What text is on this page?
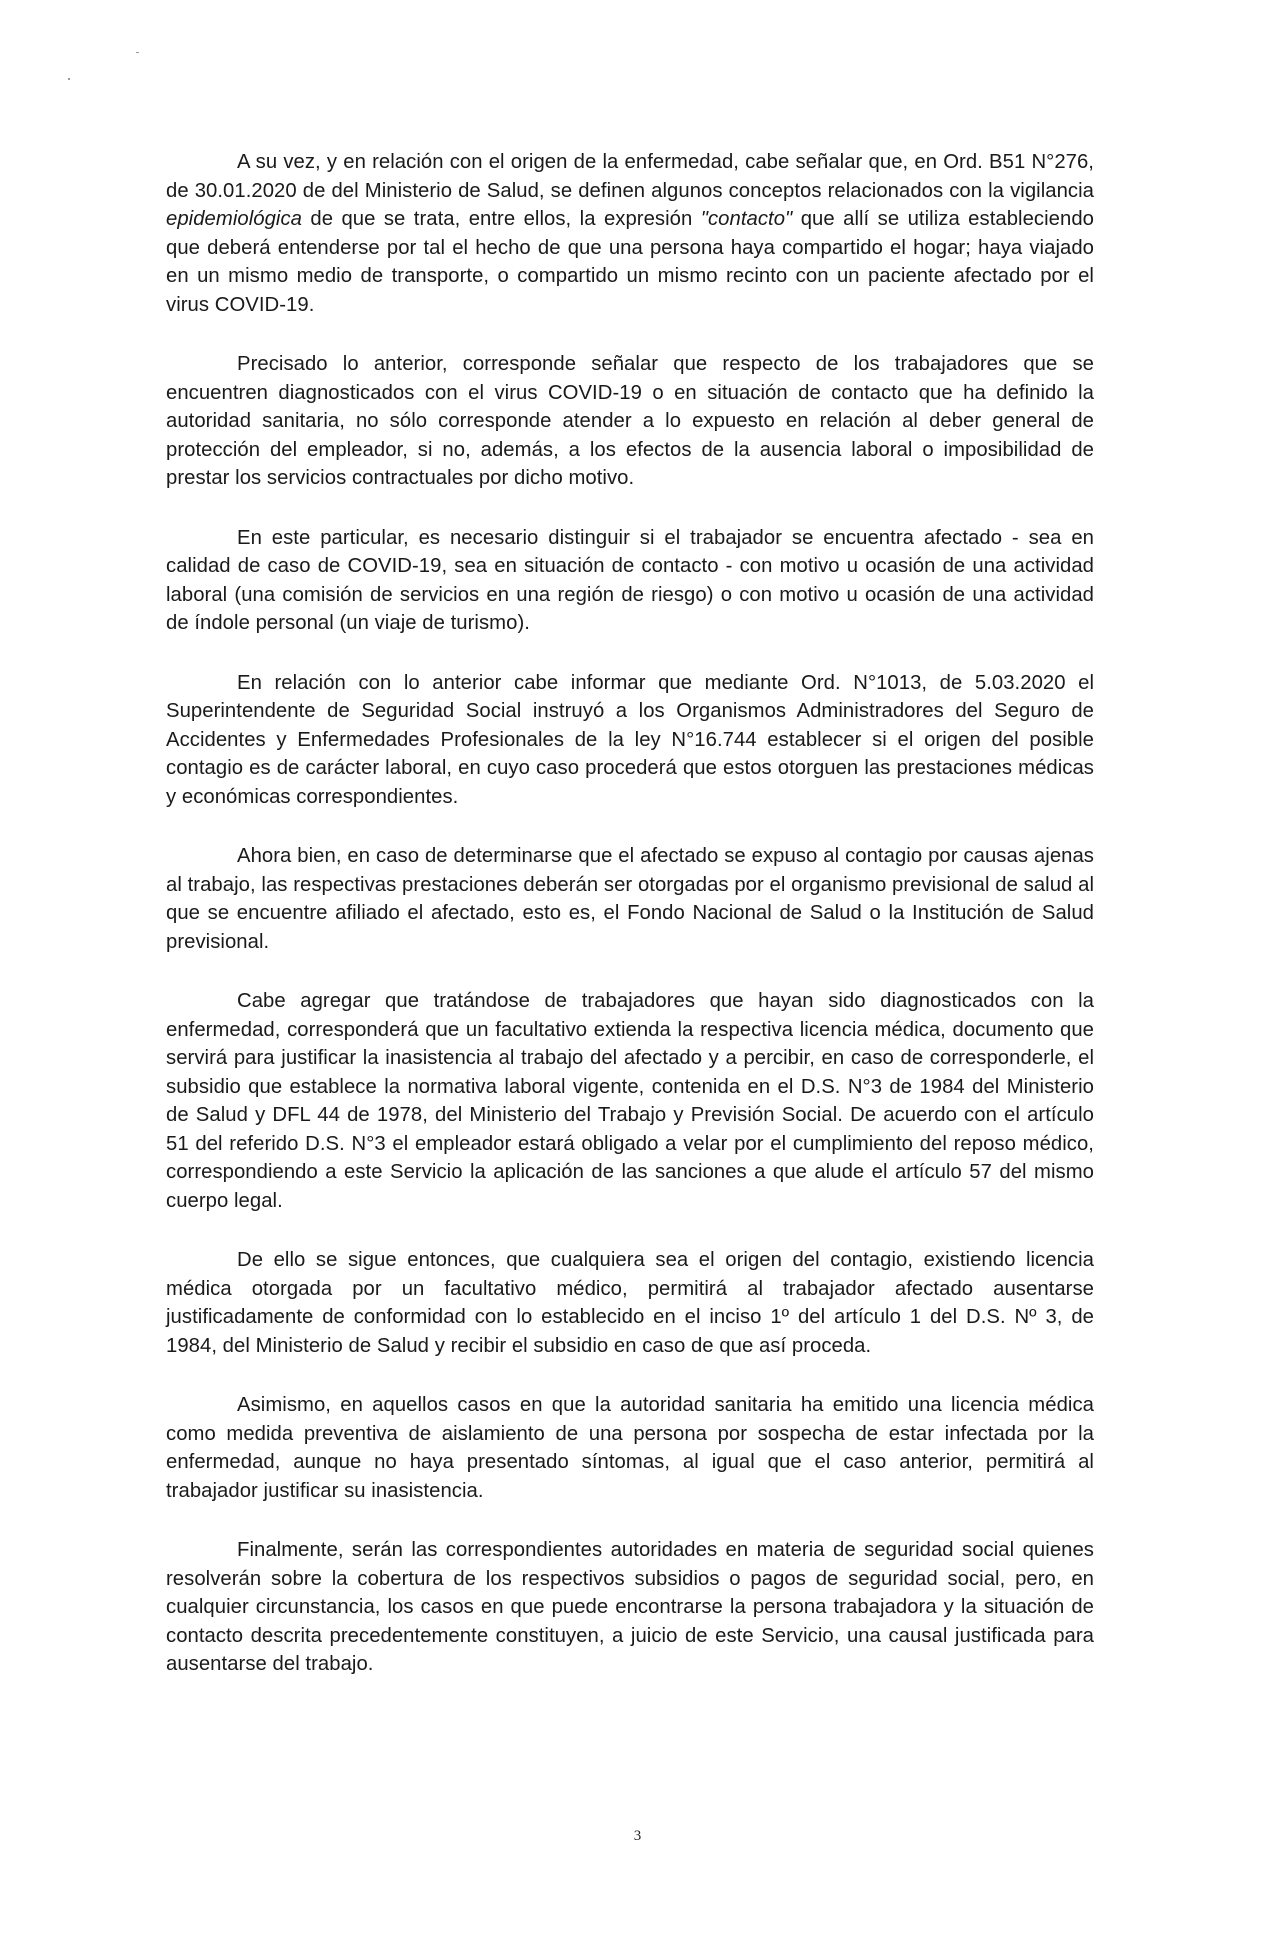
A su vez, y en relación con el origen de la enfermedad, cabe señalar que, en Ord. B51 N°276, de 30.01.2020 de del Ministerio de Salud, se definen algunos conceptos relacionados con la vigilancia epidemiológica de que se trata, entre ellos, la expresión "contacto" que allí se utiliza estableciendo que deberá entenderse por tal el hecho de que una persona haya compartido el hogar; haya viajado en un mismo medio de transporte, o compartido un mismo recinto con un paciente afectado por el virus COVID-19.

Precisado lo anterior, corresponde señalar que respecto de los trabajadores que se encuentren diagnosticados con el virus COVID-19 o en situación de contacto que ha definido la autoridad sanitaria, no sólo corresponde atender a lo expuesto en relación al deber general de protección del empleador, si no, además, a los efectos de la ausencia laboral o imposibilidad de prestar los servicios contractuales por dicho motivo.

En este particular, es necesario distinguir si el trabajador se encuentra afectado - sea en calidad de caso de COVID-19, sea en situación de contacto - con motivo u ocasión de una actividad laboral (una comisión de servicios en una región de riesgo) o con motivo u ocasión de una actividad de índole personal (un viaje de turismo).

En relación con lo anterior cabe informar que mediante Ord. N°1013, de 5.03.2020 el Superintendente de Seguridad Social instruyó a los Organismos Administradores del Seguro de Accidentes y Enfermedades Profesionales de la ley N°16.744 establecer si el origen del posible contagio es de carácter laboral, en cuyo caso procederá que estos otorguen las prestaciones médicas y económicas correspondientes.

Ahora bien, en caso de determinarse que el afectado se expuso al contagio por causas ajenas al trabajo, las respectivas prestaciones deberán ser otorgadas por el organismo previsional de salud al que se encuentre afiliado el afectado, esto es, el Fondo Nacional de Salud o la Institución de Salud previsional.

Cabe agregar que tratándose de trabajadores que hayan sido diagnosticados con la enfermedad, corresponderá que un facultativo extienda la respectiva licencia médica, documento que servirá para justificar la inasistencia al trabajo del afectado y a percibir, en caso de corresponderle, el subsidio que establece la normativa laboral vigente, contenida en el D.S. N°3 de 1984 del Ministerio de Salud y DFL 44 de 1978, del Ministerio del Trabajo y Previsión Social. De acuerdo con el artículo 51 del referido D.S. N°3 el empleador estará obligado a velar por el cumplimiento del reposo médico, correspondiendo a este Servicio la aplicación de las sanciones a que alude el artículo 57 del mismo cuerpo legal.

De ello se sigue entonces, que cualquiera sea el origen del contagio, existiendo licencia médica otorgada por un facultativo médico, permitirá al trabajador afectado ausentarse justificadamente de conformidad con lo establecido en el inciso 1º del artículo 1 del D.S. Nº 3, de 1984, del Ministerio de Salud y recibir el subsidio en caso de que así proceda.

Asimismo, en aquellos casos en que la autoridad sanitaria ha emitido una licencia médica como medida preventiva de aislamiento de una persona por sospecha de estar infectada por la enfermedad, aunque no haya presentado síntomas, al igual que el caso anterior, permitirá al trabajador justificar su inasistencia.

Finalmente, serán las correspondientes autoridades en materia de seguridad social quienes resolverán sobre la cobertura de los respectivos subsidios o pagos de seguridad social, pero, en cualquier circunstancia, los casos en que puede encontrarse la persona trabajadora y la situación de contacto descrita precedentemente constituyen, a juicio de este Servicio, una causal justificada para ausentarse del trabajo.

3
